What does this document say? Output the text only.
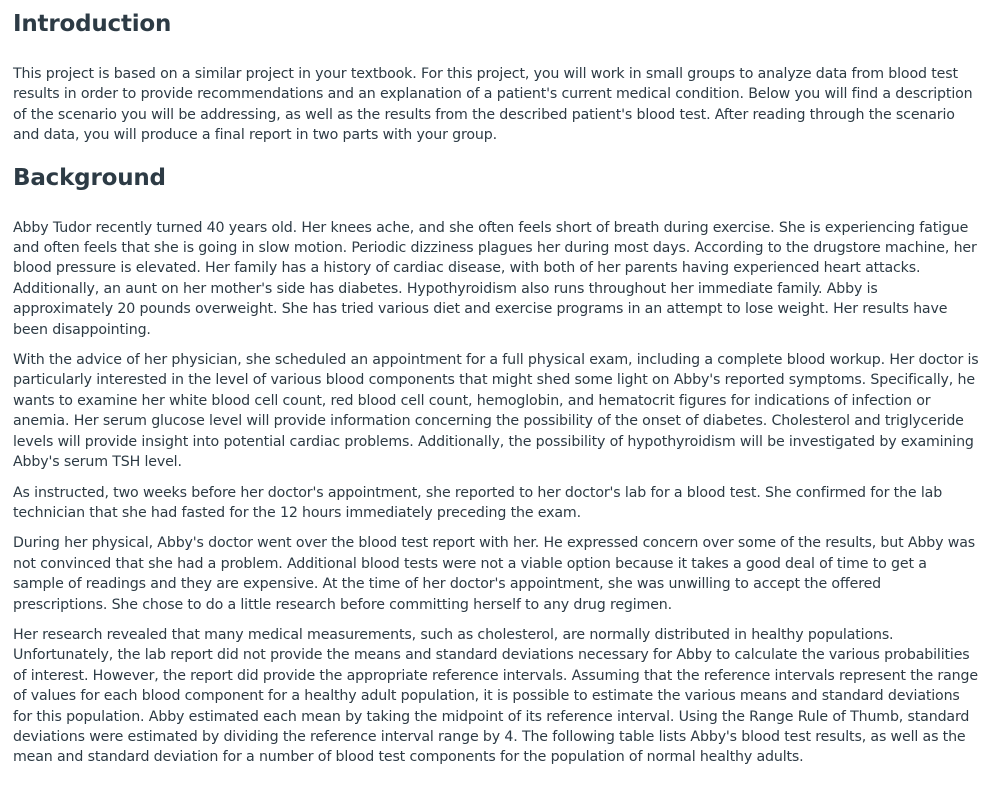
Introduction

This project is based on a similar project in your textbook. For this project, you will work in small groups to analyze data from blood test results in order to provide recommendations and an explanation of a patient's current medical condition. Below you will find a description of the scenario you will be addressing, as well as the results from the described patient's blood test. After reading through the scenario and data, you will produce a final report in two parts with your group.

Background

Abby Tudor recently turned 40 years old. Her knees ache, and she often feels short of breath during exercise. She is experiencing fatigue and often feels that she is going in slow motion. Periodic dizziness plagues her during most days. According to the drugstore machine, her blood pressure is elevated. Her family has a history of cardiac disease, with both of her parents having experienced heart attacks. Additionally, an aunt on her mother's side has diabetes. Hypothyroidism also runs throughout her immediate family. Abby is approximately 20 pounds overweight. She has tried various diet and exercise programs in an attempt to lose weight. Her results have been disappointing.

With the advice of her physician, she scheduled an appointment for a full physical exam, including a complete blood workup. Her doctor is particularly interested in the level of various blood components that might shed some light on Abby's reported symptoms. Specifically, he wants to examine her white blood cell count, red blood cell count, hemoglobin, and hematocrit figures for indications of infection or anemia. Her serum glucose level will provide information concerning the possibility of the onset of diabetes. Cholesterol and triglyceride levels will provide insight into potential cardiac problems. Additionally, the possibility of hypothyroidism will be investigated by examining Abby's serum TSH level.

As instructed, two weeks before her doctor's appointment, she reported to her doctor's lab for a blood test. She confirmed for the lab technician that she had fasted for the 12 hours immediately preceding the exam.

During her physical, Abby's doctor went over the blood test report with her. He expressed concern over some of the results, but Abby was not convinced that she had a problem. Additional blood tests were not a viable option because it takes a good deal of time to get a sample of readings and they are expensive. At the time of her doctor's appointment, she was unwilling to accept the offered prescriptions. She chose to do a little research before committing herself to any drug regimen.

Her research revealed that many medical measurements, such as cholesterol, are normally distributed in healthy populations. Unfortunately, the lab report did not provide the means and standard deviations necessary for Abby to calculate the various probabilities of interest. However, the report did provide the appropriate reference intervals. Assuming that the reference intervals represent the range of values for each blood component for a healthy adult population, it is possible to estimate the various means and standard deviations for this population. Abby estimated each mean by taking the midpoint of its reference interval. Using the Range Rule of Thumb, standard deviations were estimated by dividing the reference interval range by 4. The following table lists Abby's blood test results, as well as the mean and standard deviation for a number of blood test components for the population of normal healthy adults.
